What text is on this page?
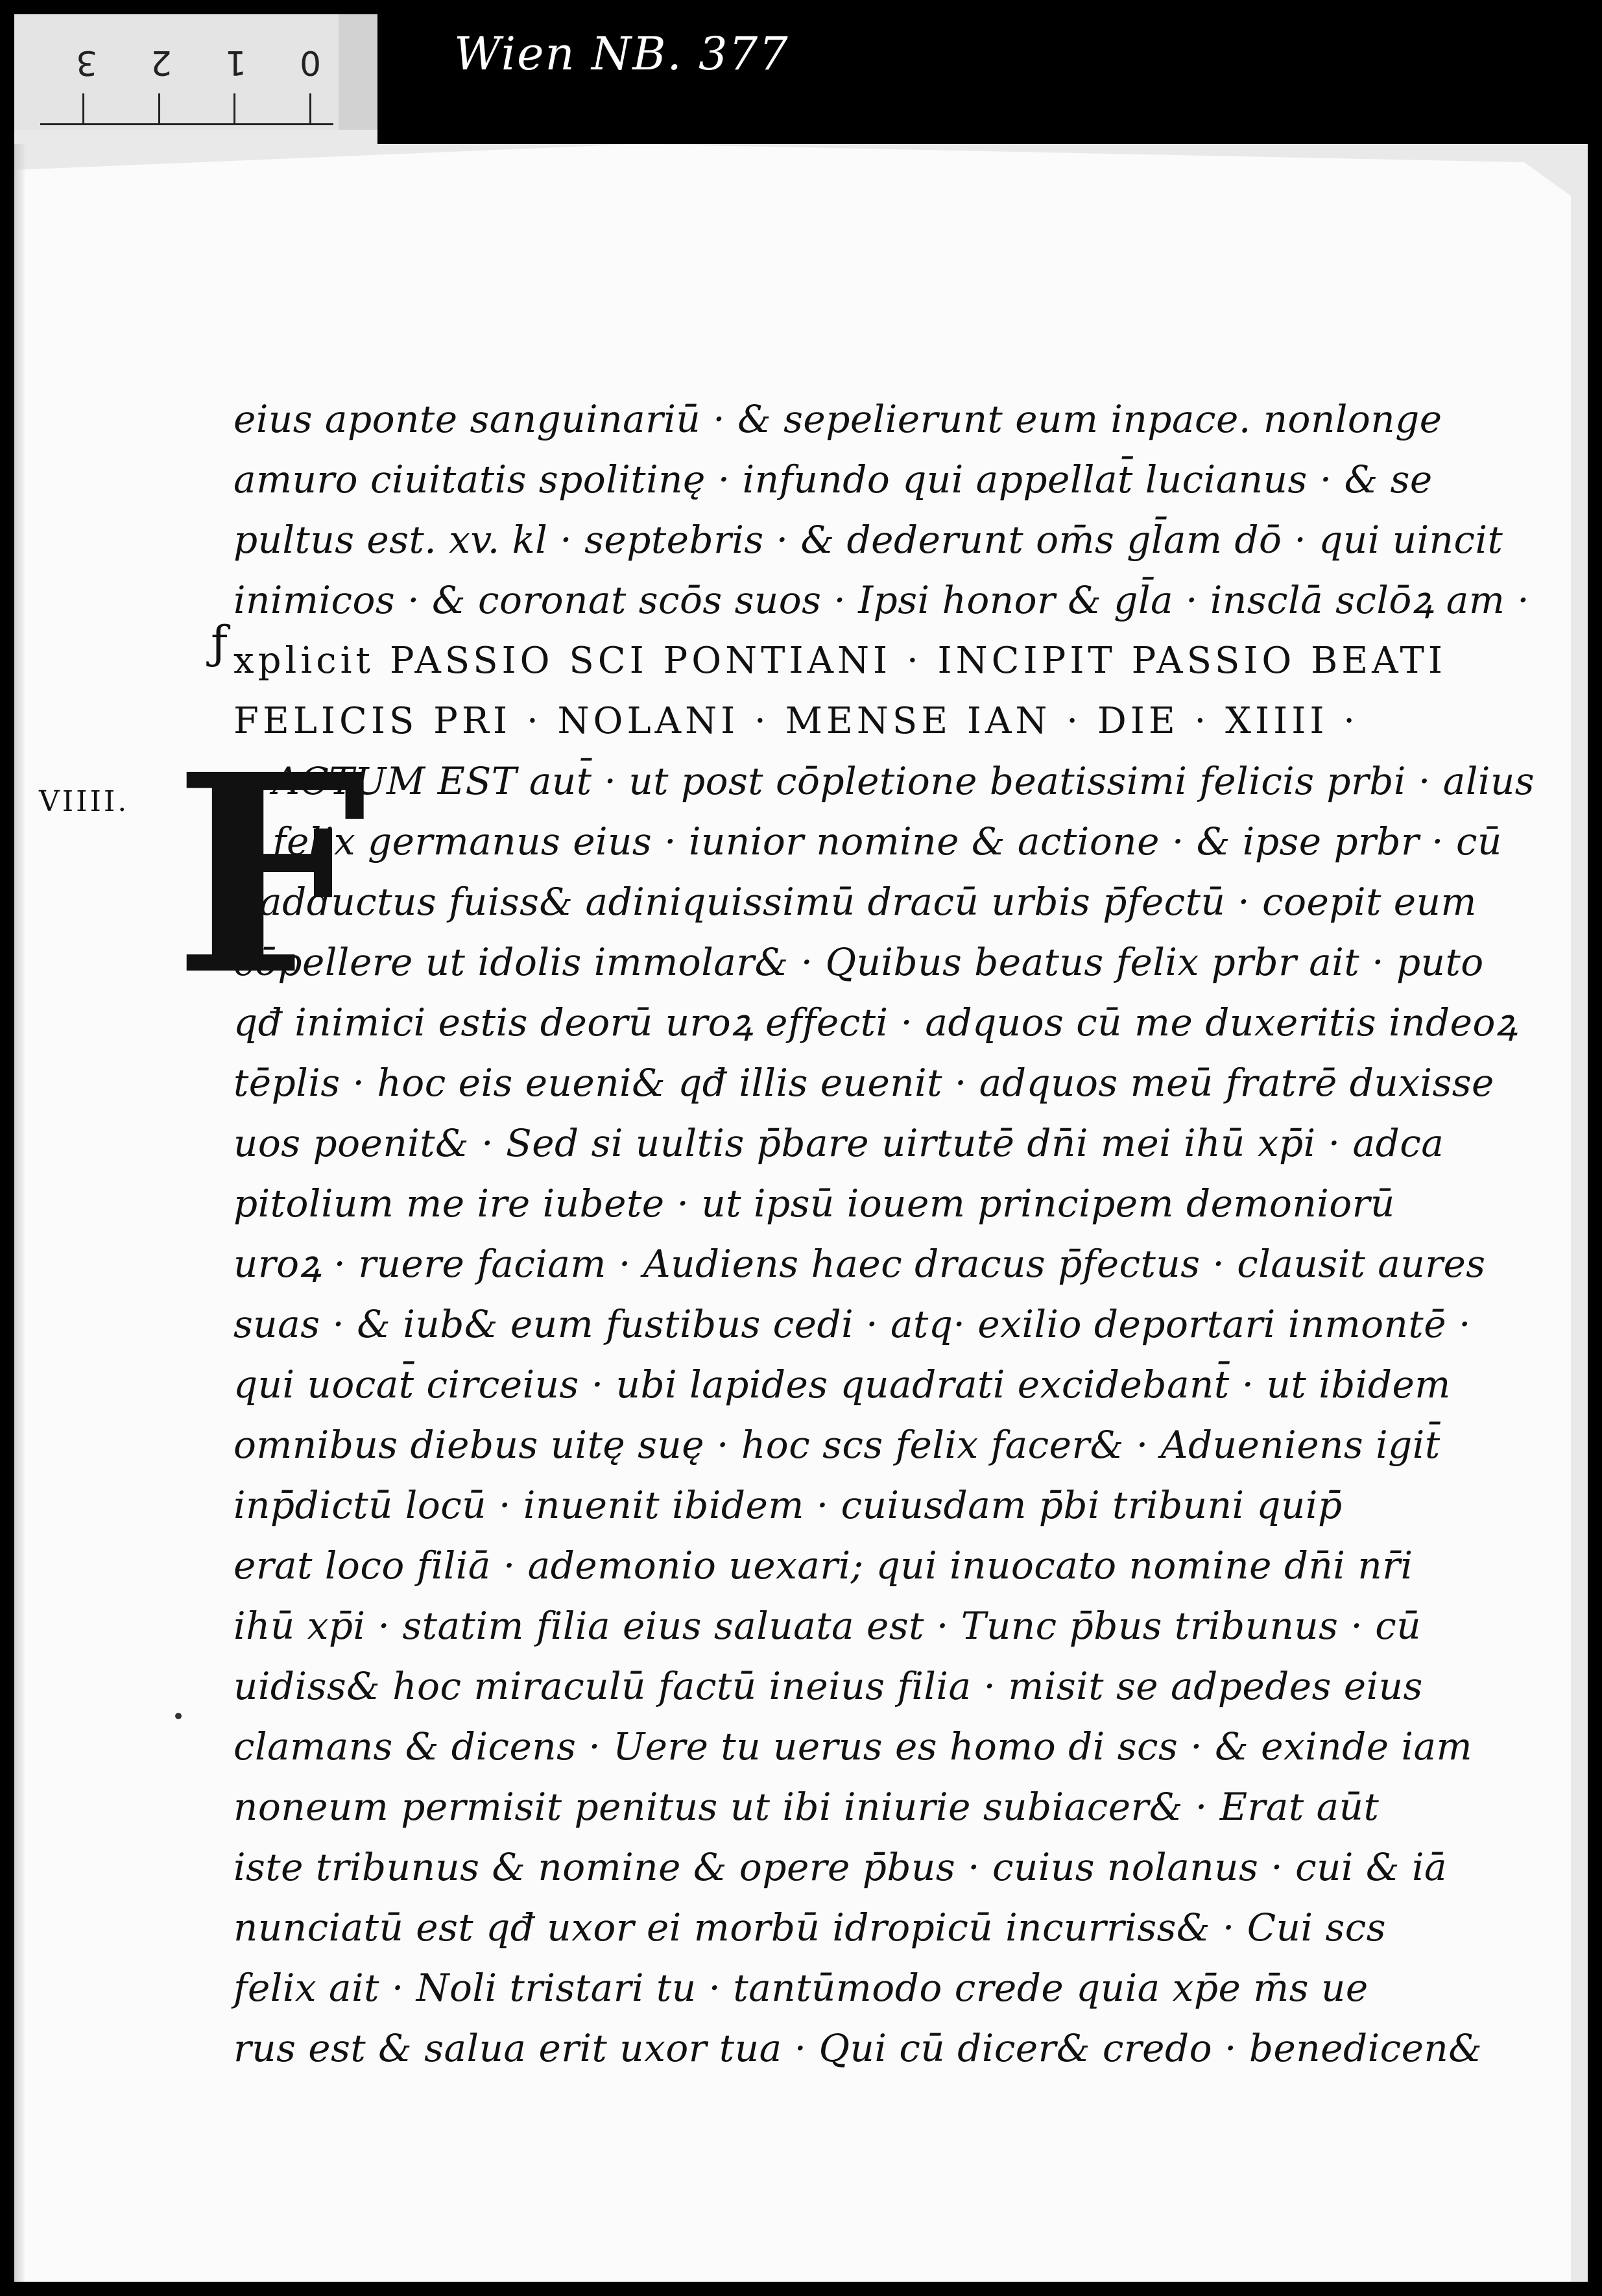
3 2 1 0	Wien NB. 377
ƒ
VIIII. F
eius aponte sanguinariū · & sepelierunt eum inpace. nonlonge
amuro ciuitatis spolitinę · infundo qui appellat̄ lucianus · & se
pultus est. xv. kl · septebris · & dederunt om̄s gl̄am dō · qui uincit
inimicos · & coronat scōs suos · Ipsi honor & gl̄a · insclā sclōꝝ am ·
xplicit PASSIO SCI PONTIANI · INCIPIT PASSIO BEATI
FELICIS PRI · NOLANI · MENSE IAN · DIE · XIIII ·
ACTUM EST aut̄ · ut post cōpletione beatissimi felicis prbi · alius
felix germanus eius · iunior nomine & actione · & ipse prbr · cū
adductus fuiss& adiniquissimū dracū urbis p̄fectū · coepit eum
cōpellere ut idolis immolar& · Quibus beatus felix prbr ait · puto
qđ inimici estis deorū uroꝝ effecti · adquos cū me duxeritis indeoꝝ
tēplis · hoc eis eueni& qđ illis euenit · adquos meū fratrē duxisse
uos poenit& · Sed si uultis p̄bare uirtutē dn̄i mei ihū xp̄i · adca
pitolium me ire iubete · ut ipsū iouem principem demoniorū
uroꝝ · ruere faciam · Audiens haec dracus p̄fectus · clausit aures
suas · & iub& eum fustibus cedi · atq· exilio deportari inmontē ·
qui uocat̄ circeius · ubi lapides quadrati excidebant̄ · ut ibidem
omnibus diebus uitę suę · hoc scs felix facer& · Adueniens igit̄
inp̄dictū locū · inuenit ibidem · cuiusdam p̄bi tribuni quip̄
erat loco filiā · ademonio uexari; qui inuocato nomine dn̄i nr̄i
ihū xp̄i · statim filia eius saluata est · Tunc p̄bus tribunus · cū
uidiss& hoc miraculū factū ineius filia · misit se adpedes eius
clamans & dicens · Uere tu uerus es homo di scs · & exinde iam
noneum permisit penitus ut ibi iniurie subiacer& · Erat aūt
iste tribunus & nomine & opere p̄bus · cuius nolanus · cui & iā
nunciatū est qđ uxor ei morbū idropicū incurriss& · Cui scs
felix ait · Noli tristari tu · tantūmodo crede quia xp̄e m̄s ue
rus est & salua erit uxor tua · Qui cū dicer& credo · benedicen&
